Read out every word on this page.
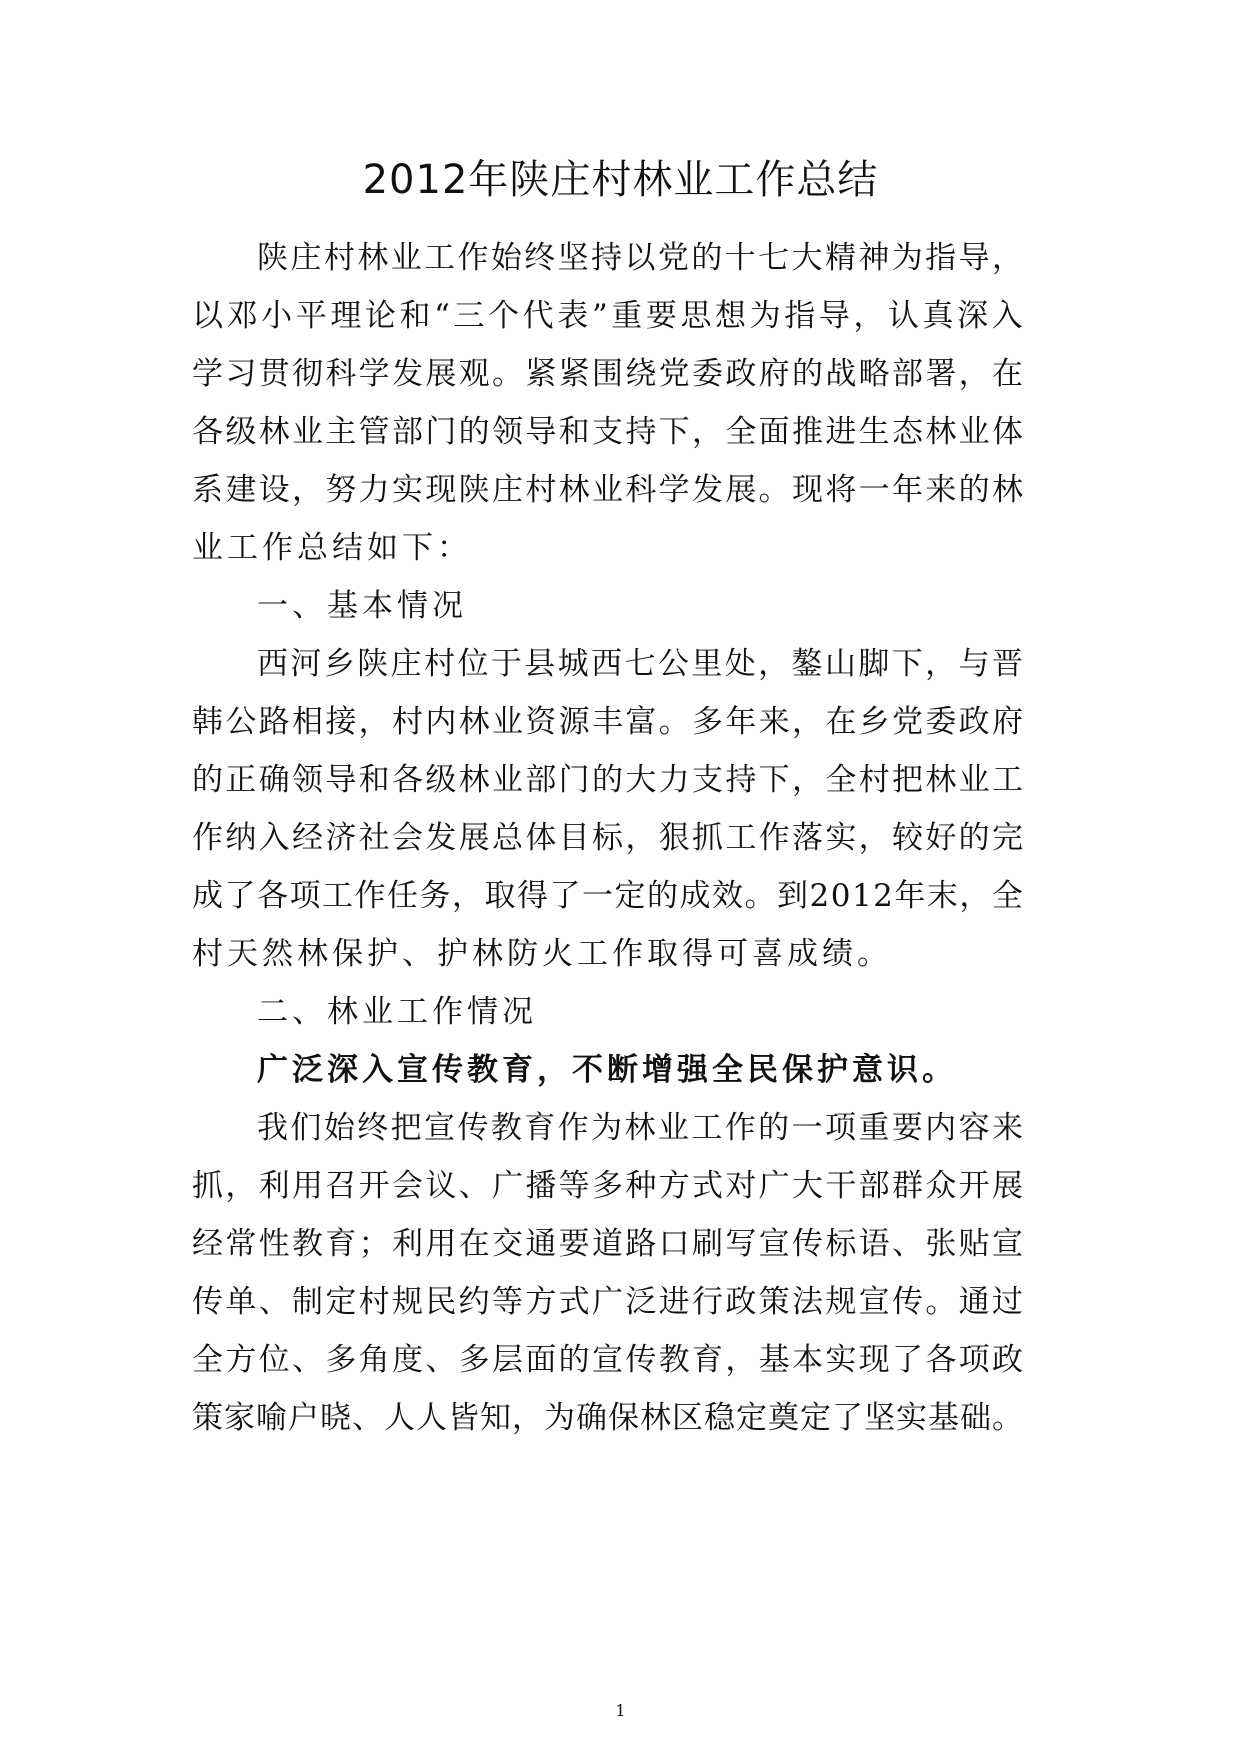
2012年陕庄村林业工作总结

陕庄村林业工作始终坚持以党的十七大精神为指导，

以邓小平理论和“三个代表”重要思想为指导，认真深入

学习贯彻科学发展观。紧紧围绕党委政府的战略部署，在

各级林业主管部门的领导和支持下，全面推进生态林业体

系建设，努力实现陕庄村林业科学发展。现将一年来的林

业工作总结如下：

一、基本情况

西河乡陕庄村位于县城西七公里处，鏊山脚下，与晋

韩公路相接，村内林业资源丰富。多年来，在乡党委政府

的正确领导和各级林业部门的大力支持下，全村把林业工

作纳入经济社会发展总体目标，狠抓工作落实，较好的完

成了各项工作任务，取得了一定的成效。到2012年末，全

村天然林保护、护林防火工作取得可喜成绩。

二、林业工作情况

广泛深入宣传教育，不断增强全民保护意识。

我们始终把宣传教育作为林业工作的一项重要内容来

抓，利用召开会议、广播等多种方式对广大干部群众开展

经常性教育；利用在交通要道路口刷写宣传标语、张贴宣

传单、制定村规民约等方式广泛进行政策法规宣传。通过

全方位、多角度、多层面的宣传教育，基本实现了各项政

策家喻户晓、人人皆知，为确保林区稳定奠定了坚实基础。

1
